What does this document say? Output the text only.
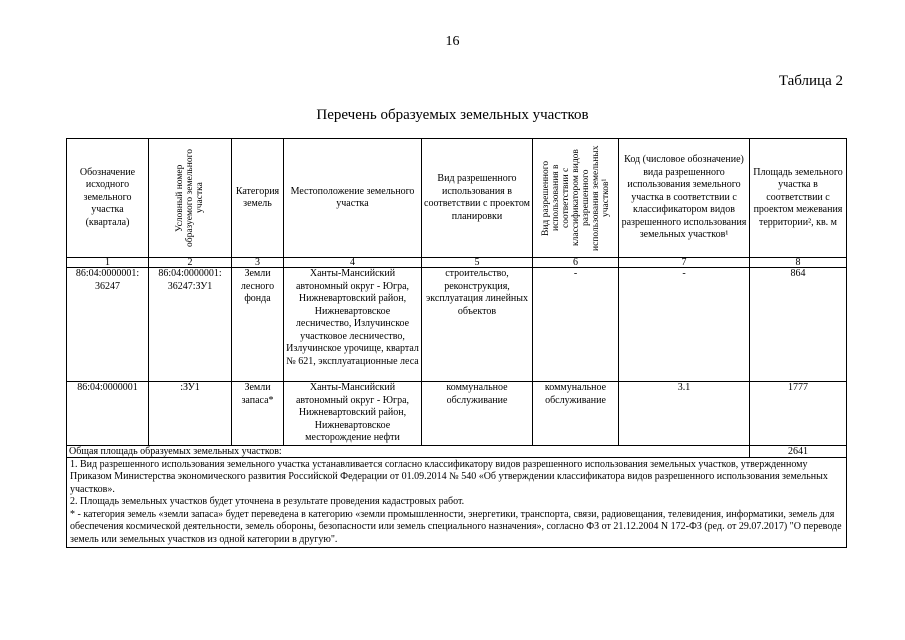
16
Таблица 2
Перечень образуемых земельных участков
Обозначение исходного земельного участка (квартала)	Условный номер образуемого земельного участка	Категория земель	Местоположение земельного участка	Вид разрешенного использования в соответствии с проектом планировки	Вид разрешенного использования в соответствии с классификатором видов разрешенного использования земельных участков¹	Код (числовое обозначение) вида разрешенного использования земельного участка в соответствии с классификатором видов разрешенного использования земельных участков¹	Площадь земельного участка в соответствии с проектом межевания территории², кв. м
1	2	3	4	5	6	7	8
86:04:0000001: 36247	86:04:0000001: 36247:ЗУ1	Земли лесного фонда	Ханты-Мансийский автономный округ - Югра, Нижневартовский район, Нижневартовское лесничество, Излучинское участковое лесничество, Излучинское урочище, квартал № 621, эксплуатационные леса	строительство, реконструкция, эксплуатация линейных объектов	-	-	864
86:04:0000001	:ЗУ1	Земли запаса*	Ханты-Мансийский автономный округ - Югра, Нижневартовский район, Нижневартовское месторождение нефти	коммунальное обслуживание	коммунальное обслуживание	3.1	1777
Общая площадь образуемых земельных участков:							2641

1. Вид разрешенного использования земельного участка устанавливается согласно классификатору видов разрешенного использования земельных участков, утвержденному Приказом Министерства экономического развития Российской Федерации от 01.09.2014 № 540 «Об утверждении классификатора видов разрешенного использования земельных участков».
2. Площадь земельных участков будет уточнена в результате проведения кадастровых работ.
* - категория земель «земли запаса» будет переведена в категорию «земли промышленности, энергетики, транспорта, связи, радиовещания, телевидения, информатики, земель для обеспечения космической деятельности, земель обороны, безопасности или земель специального назначения», согласно ФЗ от 21.12.2004 N 172-ФЗ (ред. от 29.07.2017) "О переводе земель или земельных участков из одной категории в другую".							
